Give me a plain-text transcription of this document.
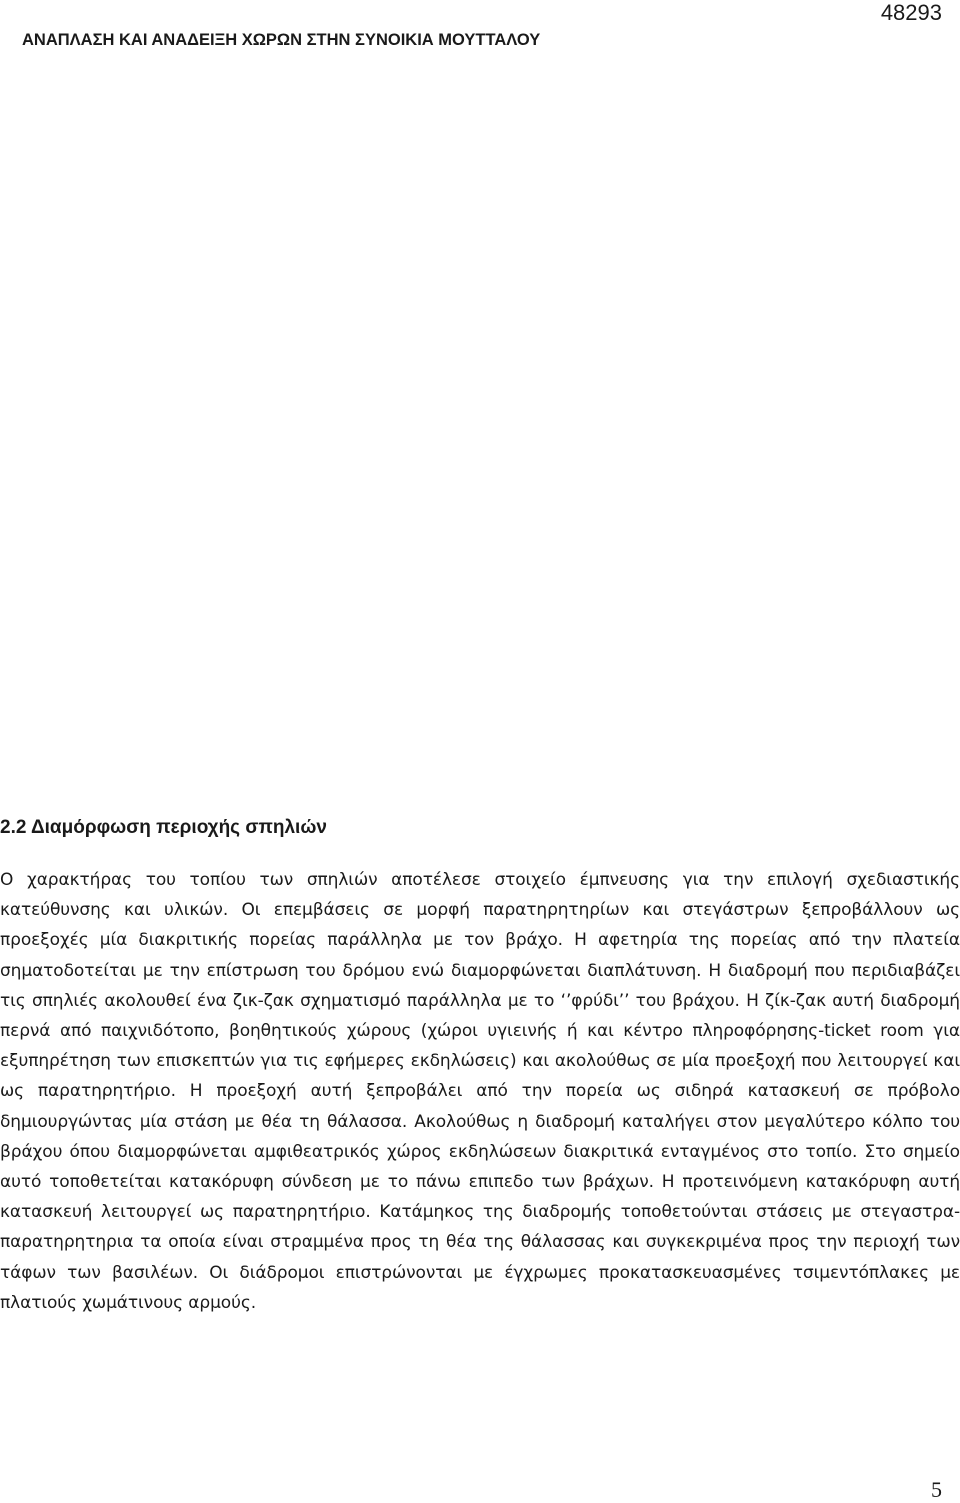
48293
ΑΝΑΠΛΑΣΗ ΚΑΙ ΑΝΑΔΕΙΞΗ ΧΩΡΩΝ ΣΤΗΝ ΣΥΝΟΙΚΙΑ ΜΟΥΤΤΑΛΟΥ
2.2 Διαμόρφωση περιοχής σπηλιών

Ο χαρακτήρας του τοπίου των σπηλιών αποτέλεσε στοιχείο έμπνευσης για την επιλογή σχεδιαστικής κατεύθυνσης και υλικών. Οι επεμβάσεις σε μορφή παρατηρητηρίων και στεγάστρων ξεπροβάλλουν ως προεξοχές μία διακριτικής πορείας παράλληλα με τον βράχο. Η αφετηρία της πορείας από την πλατεία σηματοδοτείται με την επίστρωση του δρόμου ενώ διαμορφώνεται διαπλάτυνση. Η διαδρομή που περιδιαβάζει τις σπηλιές ακολουθεί ένα ζικ-ζακ σχηματισμό παράλληλα με το ‘’φρύδι’’ του βράχου. Η ζίκ-ζακ αυτή διαδρομή περνά από παιχνιδότοπο, βοηθητικούς χώρους (χώροι υγιεινής ή και κέντρο πληροφόρησης-ticket room για εξυπηρέτηση των επισκεπτών για τις εφήμερες εκδηλώσεις) και ακολούθως σε μία προεξοχή που λειτουργεί και ως παρατηρητήριο. Η προεξοχή αυτή ξεπροβάλει από την πορεία ως σιδηρά κατασκευή σε πρόβολο δημιουργώντας μία στάση με θέα τη θάλασσα. Ακολούθως η διαδρομή καταλήγει στον μεγαλύτερο κόλπο του βράχου όπου διαμορφώνεται αμφιθεατρικός χώρος εκδηλώσεων διακριτικά ενταγμένος στο τοπίο. Στο σημείο αυτό τοποθετείται κατακόρυφη σύνδεση με το πάνω επιπεδο των βράχων. Η προτεινόμενη κατακόρυφη αυτή κατασκευή λειτουργεί ως παρατηρητήριο. Κατάμηκος της διαδρομής τοποθετούνται στάσεις με στεγαστρα-παρατηρητηρια τα οποία είναι στραμμένα προς τη θέα της θάλασσας και συγκεκριμένα προς την περιοχή των τάφων των βασιλέων. Οι διάδρομοι επιστρώνονται με έγχρωμες προκατασκευασμένες τσιμεντόπλακες με πλατιούς χωμάτινους αρμούς.

5
